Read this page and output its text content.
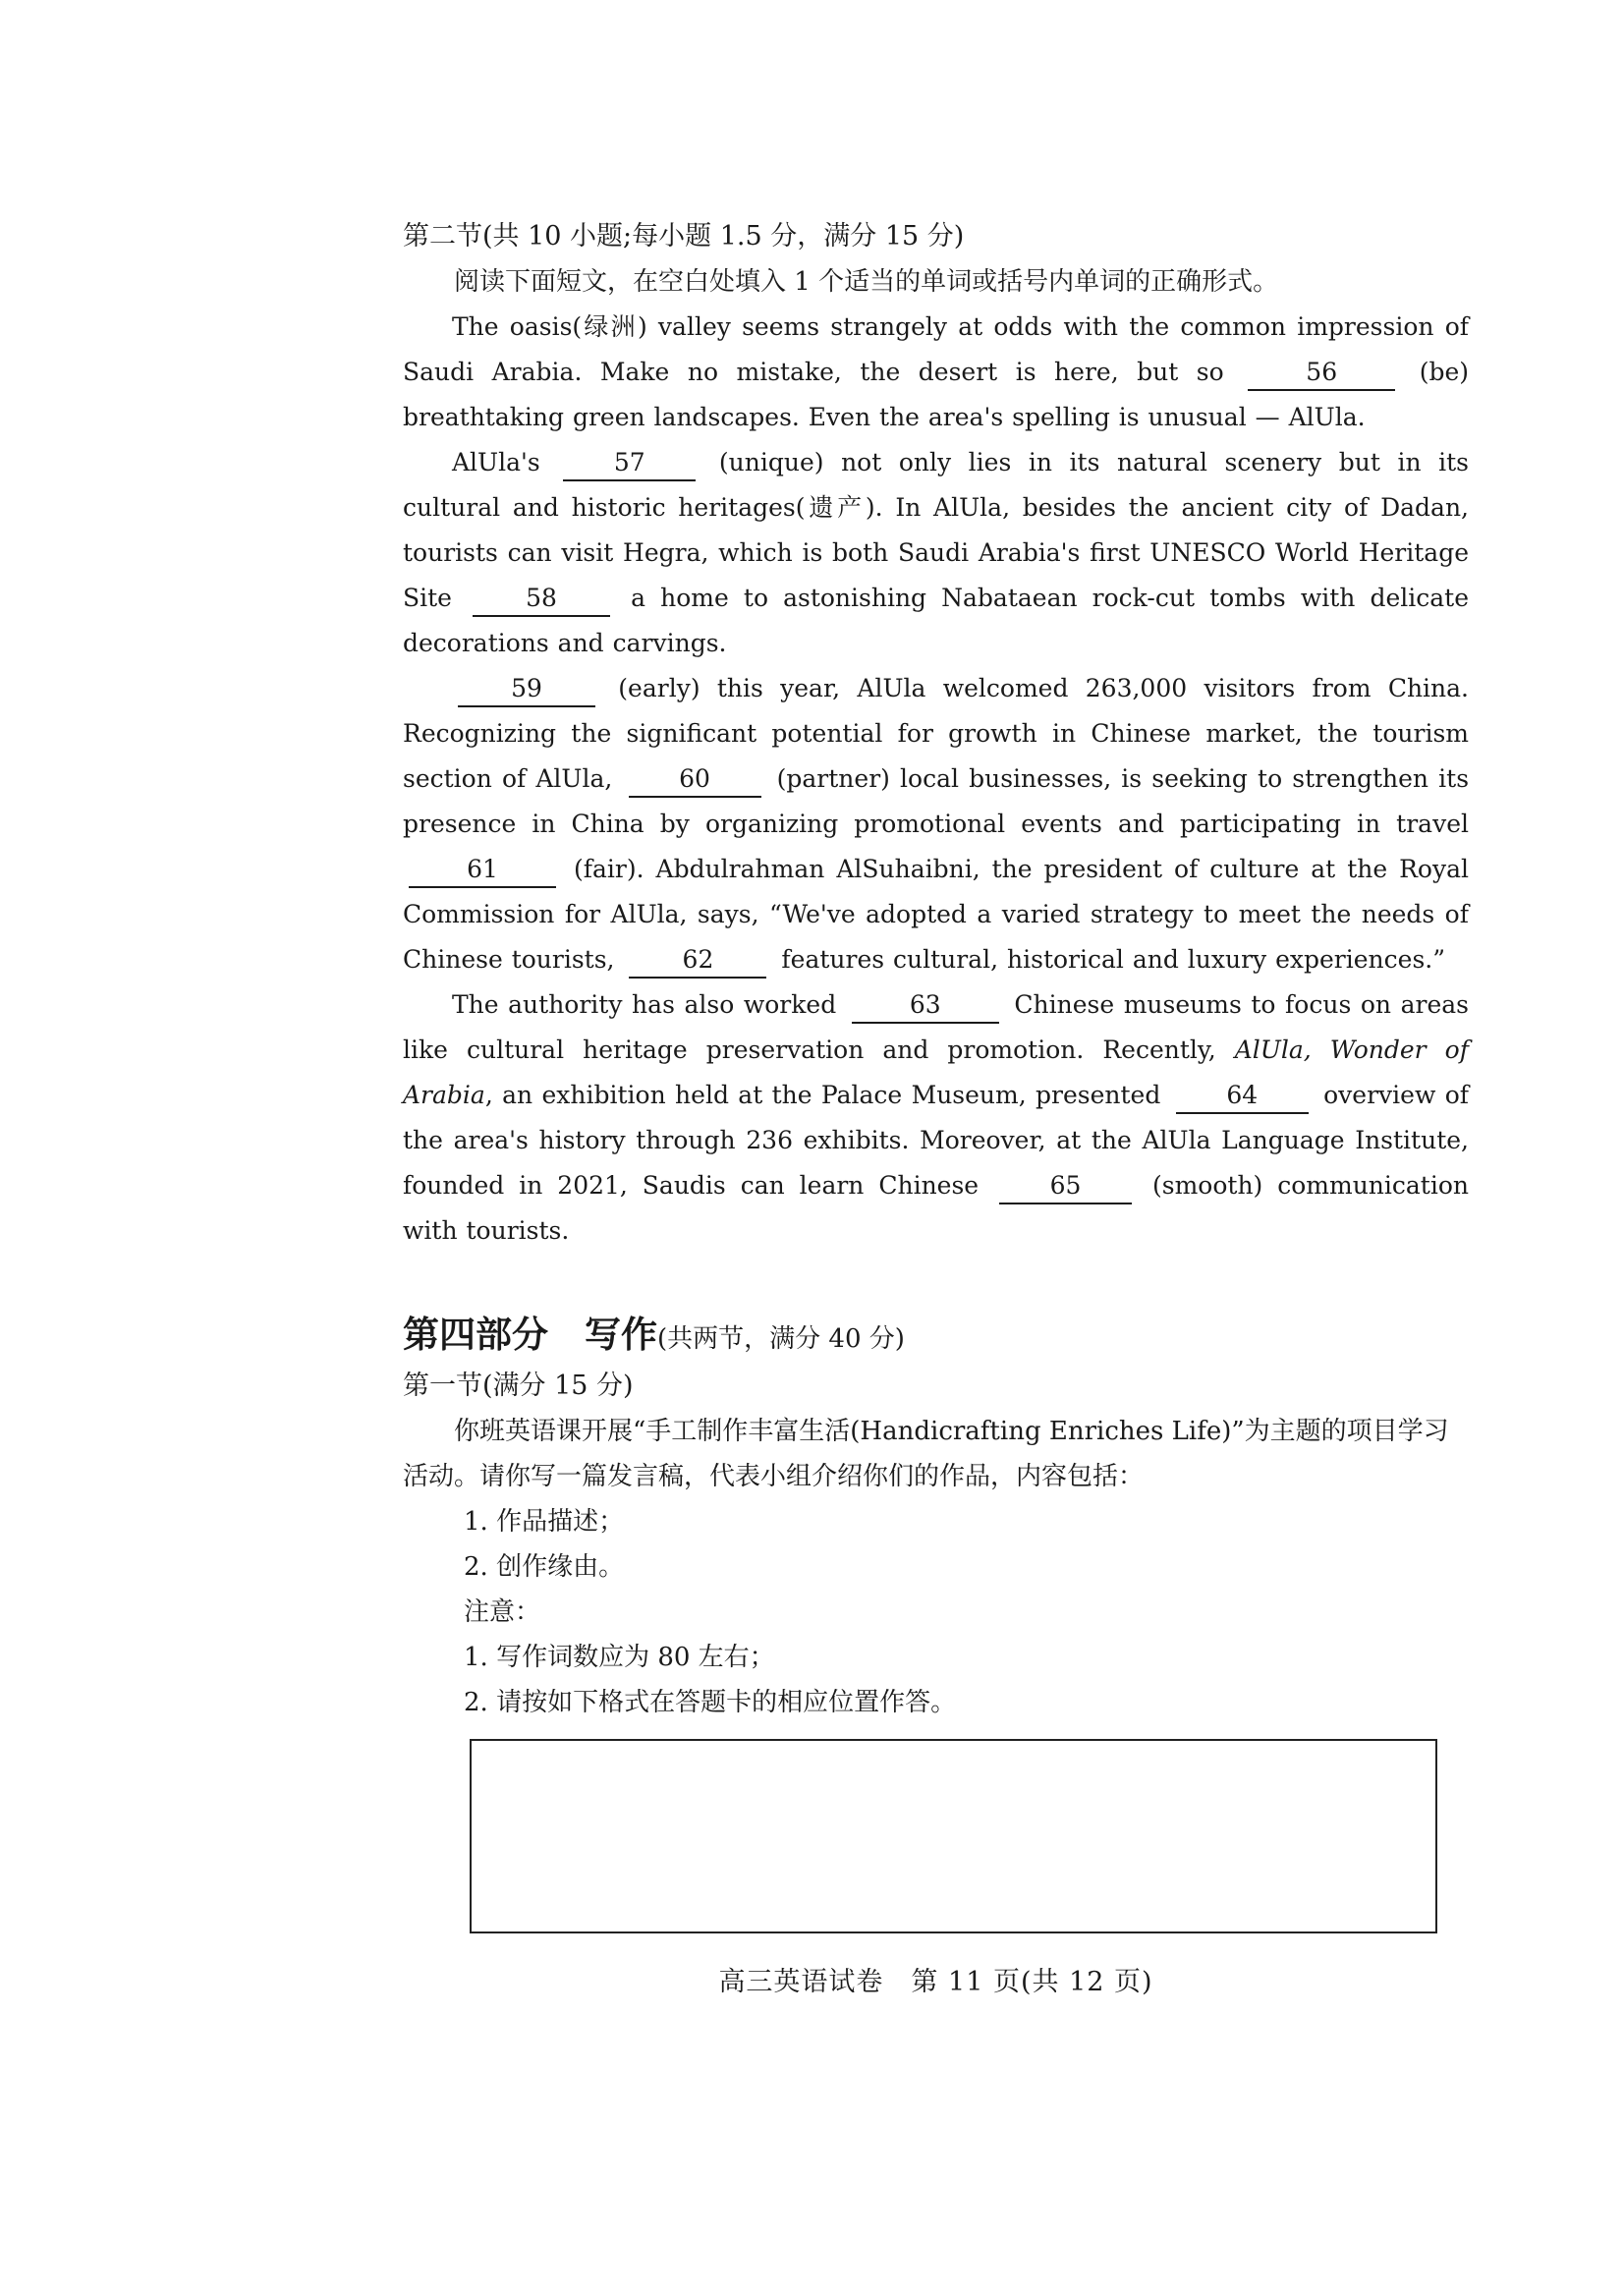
第二节(共 10 小题;每小题 1.5 分，满分 15 分)

阅读下面短文，在空白处填入 1 个适当的单词或括号内单词的正确形式。

The oasis(绿洲) valley seems strangely at odds with the common impression of Saudi Arabia. Make no mistake, the desert is here, but so	56	(be) breathtaking green landscapes. Even the area's spelling is unusual — AlUla.

AlUla's	57	(unique) not only lies in its natural scenery but in its cultural and historic heritages(遗产). In AlUla, besides the ancient city of Dadan, tourists can visit Hegra, which is both Saudi Arabia's first UNESCO World Heritage Site	58	a home to astonishing Nabataean rock-cut tombs with delicate decorations and carvings.

59	(early) this year, AlUla welcomed 263,000 visitors from China. Recognizing the significant potential for growth in Chinese market, the tourism section of AlUla,	60	(partner) local businesses, is seeking to strengthen its presence in China by organizing promotional events and participating in travel 61	(fair). Abdulrahman AlSuhaibni, the president of culture at the Royal Commission for AlUla, says, “We've adopted a varied strategy to meet the needs of Chinese tourists,	62	features cultural, historical and luxury experiences.”

The authority has also worked	63	Chinese museums to focus on areas like cultural heritage preservation and promotion. Recently, AlUla, Wonder of Arabia, an exhibition held at the Palace Museum, presented	64	overview of the area's history through 236 exhibits. Moreover, at the AlUla Language Institute, founded in 2021, Saudis can learn Chinese	65	(smooth) communication with tourists.

第四部分　写作(共两节，满分 40 分)

第一节(满分 15 分)

你班英语课开展“手工制作丰富生活(Handicrafting Enriches Life)”为主题的项目学习活动。请你写一篇发言稿，代表小组介绍你们的作品，内容包括：

1. 作品描述；

2. 创作缘由。

注意：

1. 写作词数应为 80 左右；

2. 请按如下格式在答题卡的相应位置作答。

高三英语试卷　第 11 页(共 12 页)
